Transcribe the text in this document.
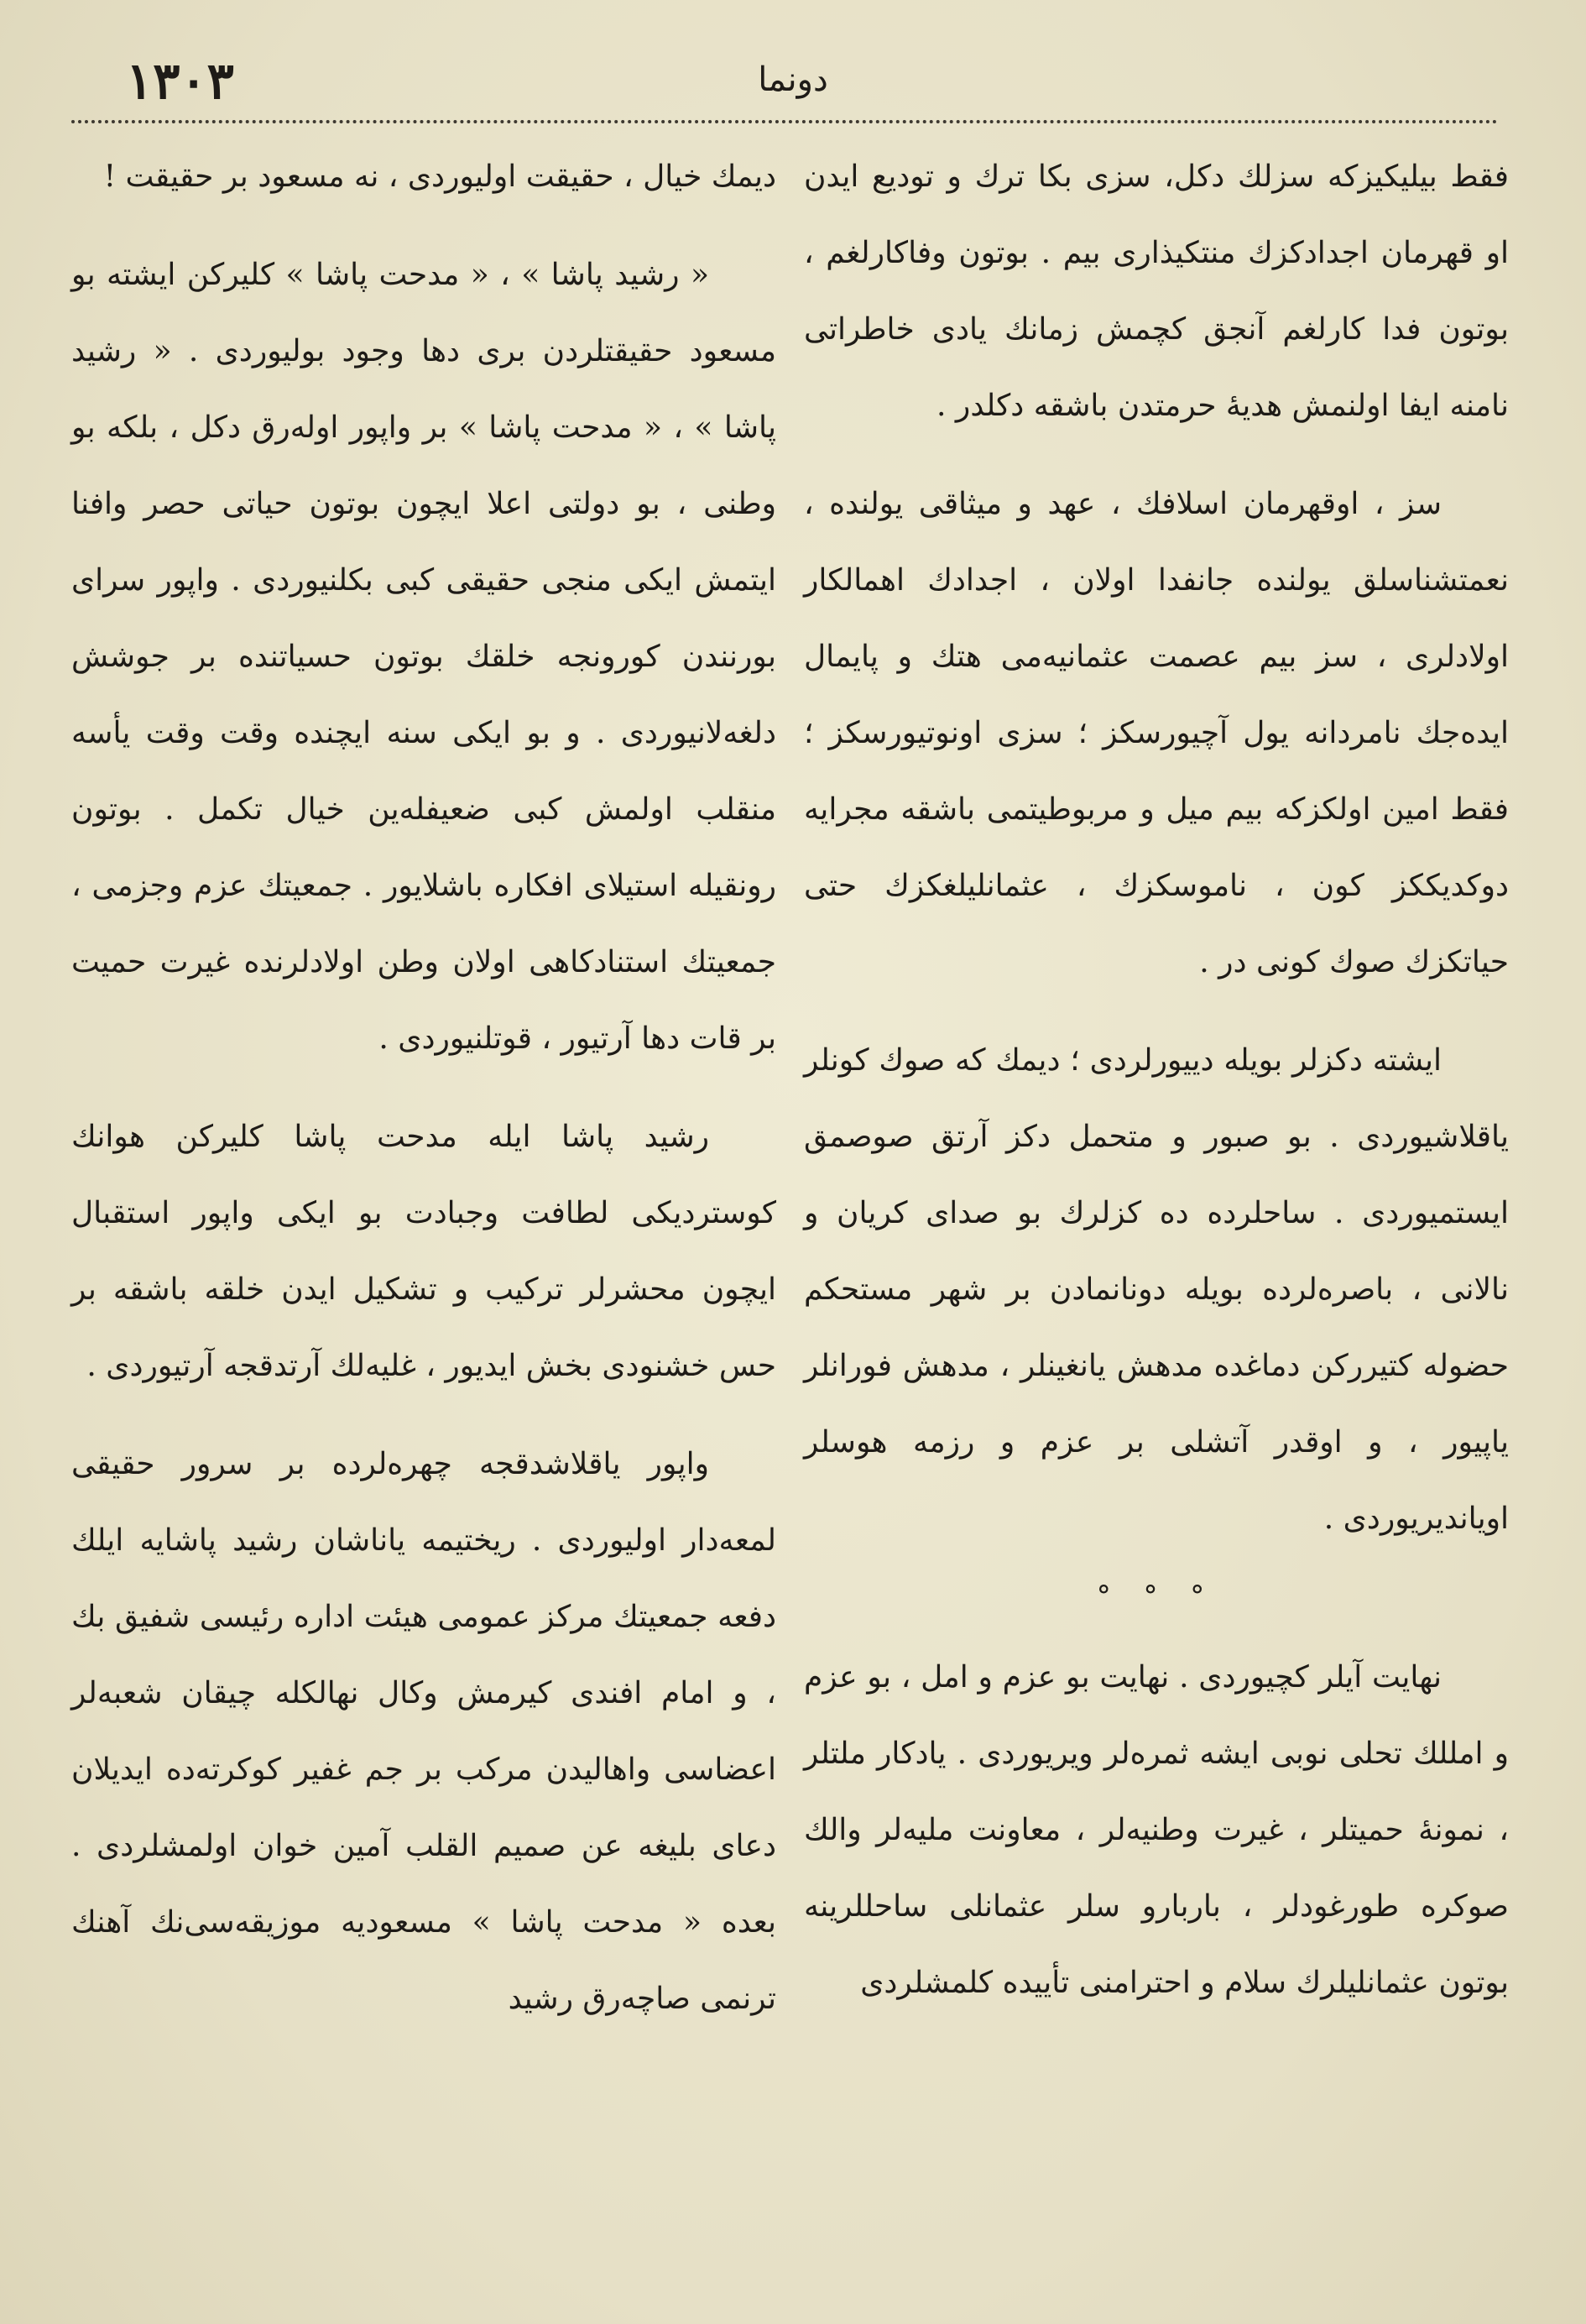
١٣٠٣	دونما

فقط بیلیکیزکه سزلك دکل، سزی بکا ترك و تودیع ایدن او قهرمان اجدادکزك منتکیذاری بیم . بوتون وفاکارلغم ، بوتون فدا کارلغم آنجق کچمش زمانك یادی خاطراتی نامنه ایفا اولنمش هدیهٔ حرمتدن باشقه دکلدر .

سز ، اوقهرمان اسلافك ، عهد و میثاقی یولنده ، نعمتشناسلق یولنده جانفدا اولان ، اجدادك اهمالکار اولادلری ، سز بیم عصمت عثمانیه‌می هتك و پایمال ایده‌جك نامردانه یول آچیورسکز ؛ سزی اونوتیورسکز ؛ فقط امین اولکزکه بیم میل و مربوطیتمی باشقه مجرایه دوکدیککز کون ، ناموسکزك ، عثمانلیلغکزك حتی حیاتکزك صوك کونی در .

ایشته دکزلر بویله دییورلردی ؛ دیمك که صوك کونلر یاقلاشیوردی . بو صبور و متحمل دکز آرتق صوصمق ایستمیوردی . ساحلرده ده کزلرك بو صدای کریان و نالانی ، باصره‌لرده بویله دونانمادن بر شهر مستحکم حضوله کتیررکن دماغده مدهش یانغینلر ، مدهش فورانلر یاپیور ، و اوقدر آتشلی بر عزم و رزمه هوسلر اویاندیریوردی .

° ° °

نهایت آیلر کچیوردی . نهایت بو عزم و امل ، بو عزم و امللك تحلی نوبی ایشه ثمره‌لر ویریوردی . یادکار ملتلر ، نمونهٔ حمیتلر ، غیرت وطنیه‌لر ، معاونت ملیه‌لر والك صوکره طورغودلر ، باربارو سلر عثمانلی ساحللرینه بوتون عثمانلیلرك سلام و احترامنی تأییده کلمشلردی

دیمك خیال ، حقیقت اولیوردی ، نه مسعود بر حقیقت !

« رشید پاشا » ، « مدحت پاشا » کلیرکن ایشته بو مسعود حقیقتلردن بری دها وجود بولیوردی . « رشید پاشا » ، « مدحت پاشا » بر واپور اوله‌رق دکل ، بلکه بو وطنی ، بو دولتی اعلا ایچون بوتون حیاتی حصر وافنا ایتمش ایکی منجی حقیقی کبی بکلنیوردی . واپور سرای بورنندن کورونجه خلقك بوتون حسیاتنده بر جوشش دلغه‌لانیوردی . و بو ایکی سنه ایچنده وقت وقت یأسه منقلب اولمش کبی ضعیفله‌ین خیال تکمل . بوتون رونقیله استیلای افکاره باشلایور . جمعیتك عزم وجزمی ، جمعیتك استنادکاهی اولان وطن اولادلرنده غیرت حمیت بر قات دها آرتیور ، قوتلنیوردی .

رشید پاشا ایله مدحت پاشا کلیرکن هوانك کوستردیکی لطافت وجبادت بو ایکی واپور استقبال ایچون محشرلر ترکیب و تشکیل ایدن خلقه باشقه بر حس خشنودی بخش ایدیور ، غلیه‌لك آرتدقجه آرتیوردی .

واپور یاقلاشدقجه چهره‌لرده بر سرور حقیقی لمعه‌دار اولیوردی . ریختیمه یاناشان رشید پاشایه ایلك دفعه جمعیتك مرکز عمومی هیئت اداره رئیسی شفیق بك ، و امام افندی کیرمش وکال نهالکله چیقان شعبه‌لر اعضاسی واهالیدن مرکب بر جم غفیر کوکرته‌ده ایدیلان دعای بلیغه عن صمیم القلب آمین خوان اولمشلردی . بعده « مدحت پاشا » مسعودیه موزیقه‌سی‌نك آهنك ترنمی صاچه‌رق رشید
